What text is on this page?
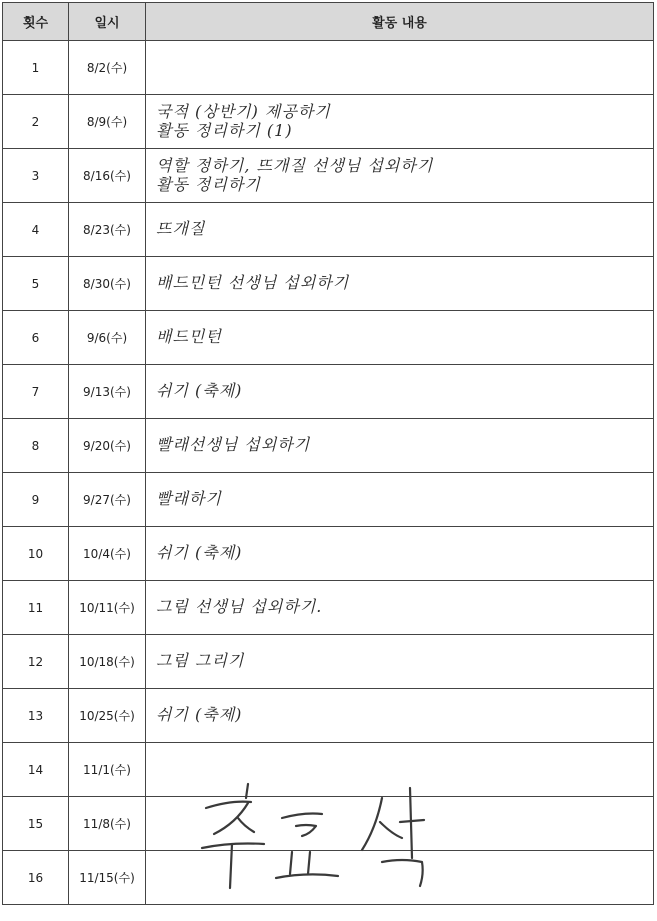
횟수	일시	활동 내용
1	8/2(수)	
2	8/9(수)	국적 (상반기) 제공하기
활동 정리하기 (1)

3	8/16(수)	역할 정하기, 뜨개질 선생님 섭외하기
활동 정리하기

4	8/23(수)	뜨개질

5	8/30(수)	배드민턴 선생님 섭외하기

6	9/6(수)	배드민턴

7	9/13(수)	쉬기 (축제)

8	9/20(수)	빨래선생님 섭외하기

9	9/27(수)	빨래하기

10	10/4(수)	쉬기 (축제)

11	10/11(수)	그림 선생님 섭외하기.

12	10/18(수)	그림 그리기

13	10/25(수)	쉬기 (축제)

14	11/1(수)	
15	11/8(수)	
16	11/15(수)	
